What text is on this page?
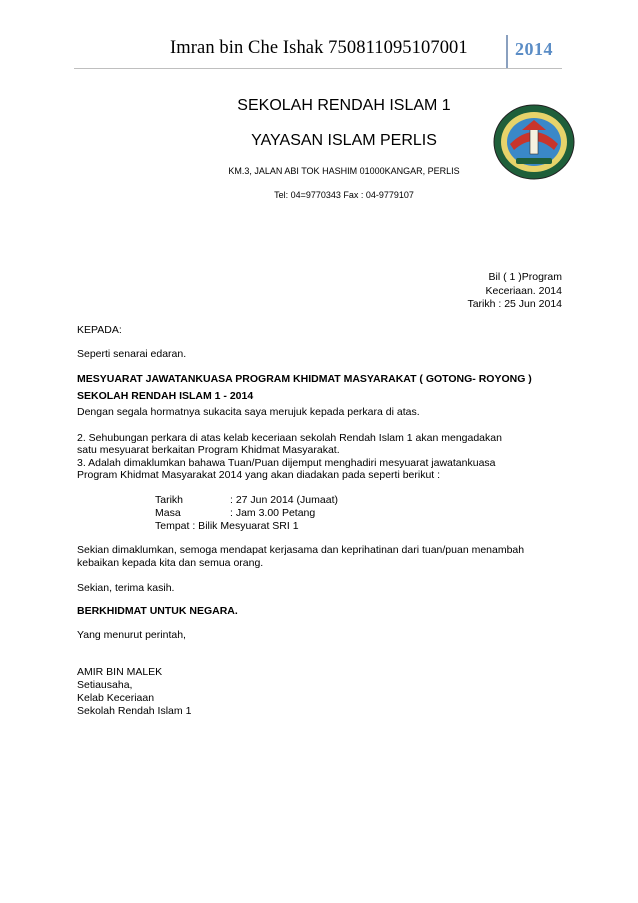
Imran bin Che Ishak 750811095107001	2014
SEKOLAH RENDAH ISLAM 1
YAYASAN ISLAM PERLIS
KM.3, JALAN ABI TOK HASHIM 01000KANGAR, PERLIS
Tel: 04=9770343 Fax : 04-9779107
Bil ( 1 )Program
Keceriaan. 2014
Tarikh : 25 Jun 2014
KEPADA:
Seperti senarai edaran.
MESYUARAT JAWATANKUASA PROGRAM KHIDMAT MASYARAKAT ( GOTONG- ROYONG )
SEKOLAH RENDAH ISLAM 1 - 2014
Dengan segala hormatnya sukacita saya merujuk kepada perkara di atas.
2. Sehubungan perkara di atas kelab keceriaan sekolah Rendah Islam 1 akan mengadakan
satu mesyuarat berkaitan Program Khidmat Masyarakat.
3. Adalah dimaklumkan bahawa Tuan/Puan dijemput menghadiri mesyuarat jawatankuasa
Program Khidmat Masyarakat 2014 yang akan diadakan pada seperti berikut :
Tarikh	: 27 Jun 2014 (Jumaat)
Masa	: Jam 3.00 Petang
Tempat : Bilik Mesyuarat SRI 1
Sekian dimaklumkan, semoga mendapat kerjasama dan keprihatinan dari tuan/puan menambah
kebaikan kepada kita dan semua orang.
Sekian, terima kasih.
BERKHIDMAT UNTUK NEGARA.
Yang menurut perintah,
AMIR BIN MALEK
Setiausaha,
Kelab Keceriaan
Sekolah Rendah Islam 1
